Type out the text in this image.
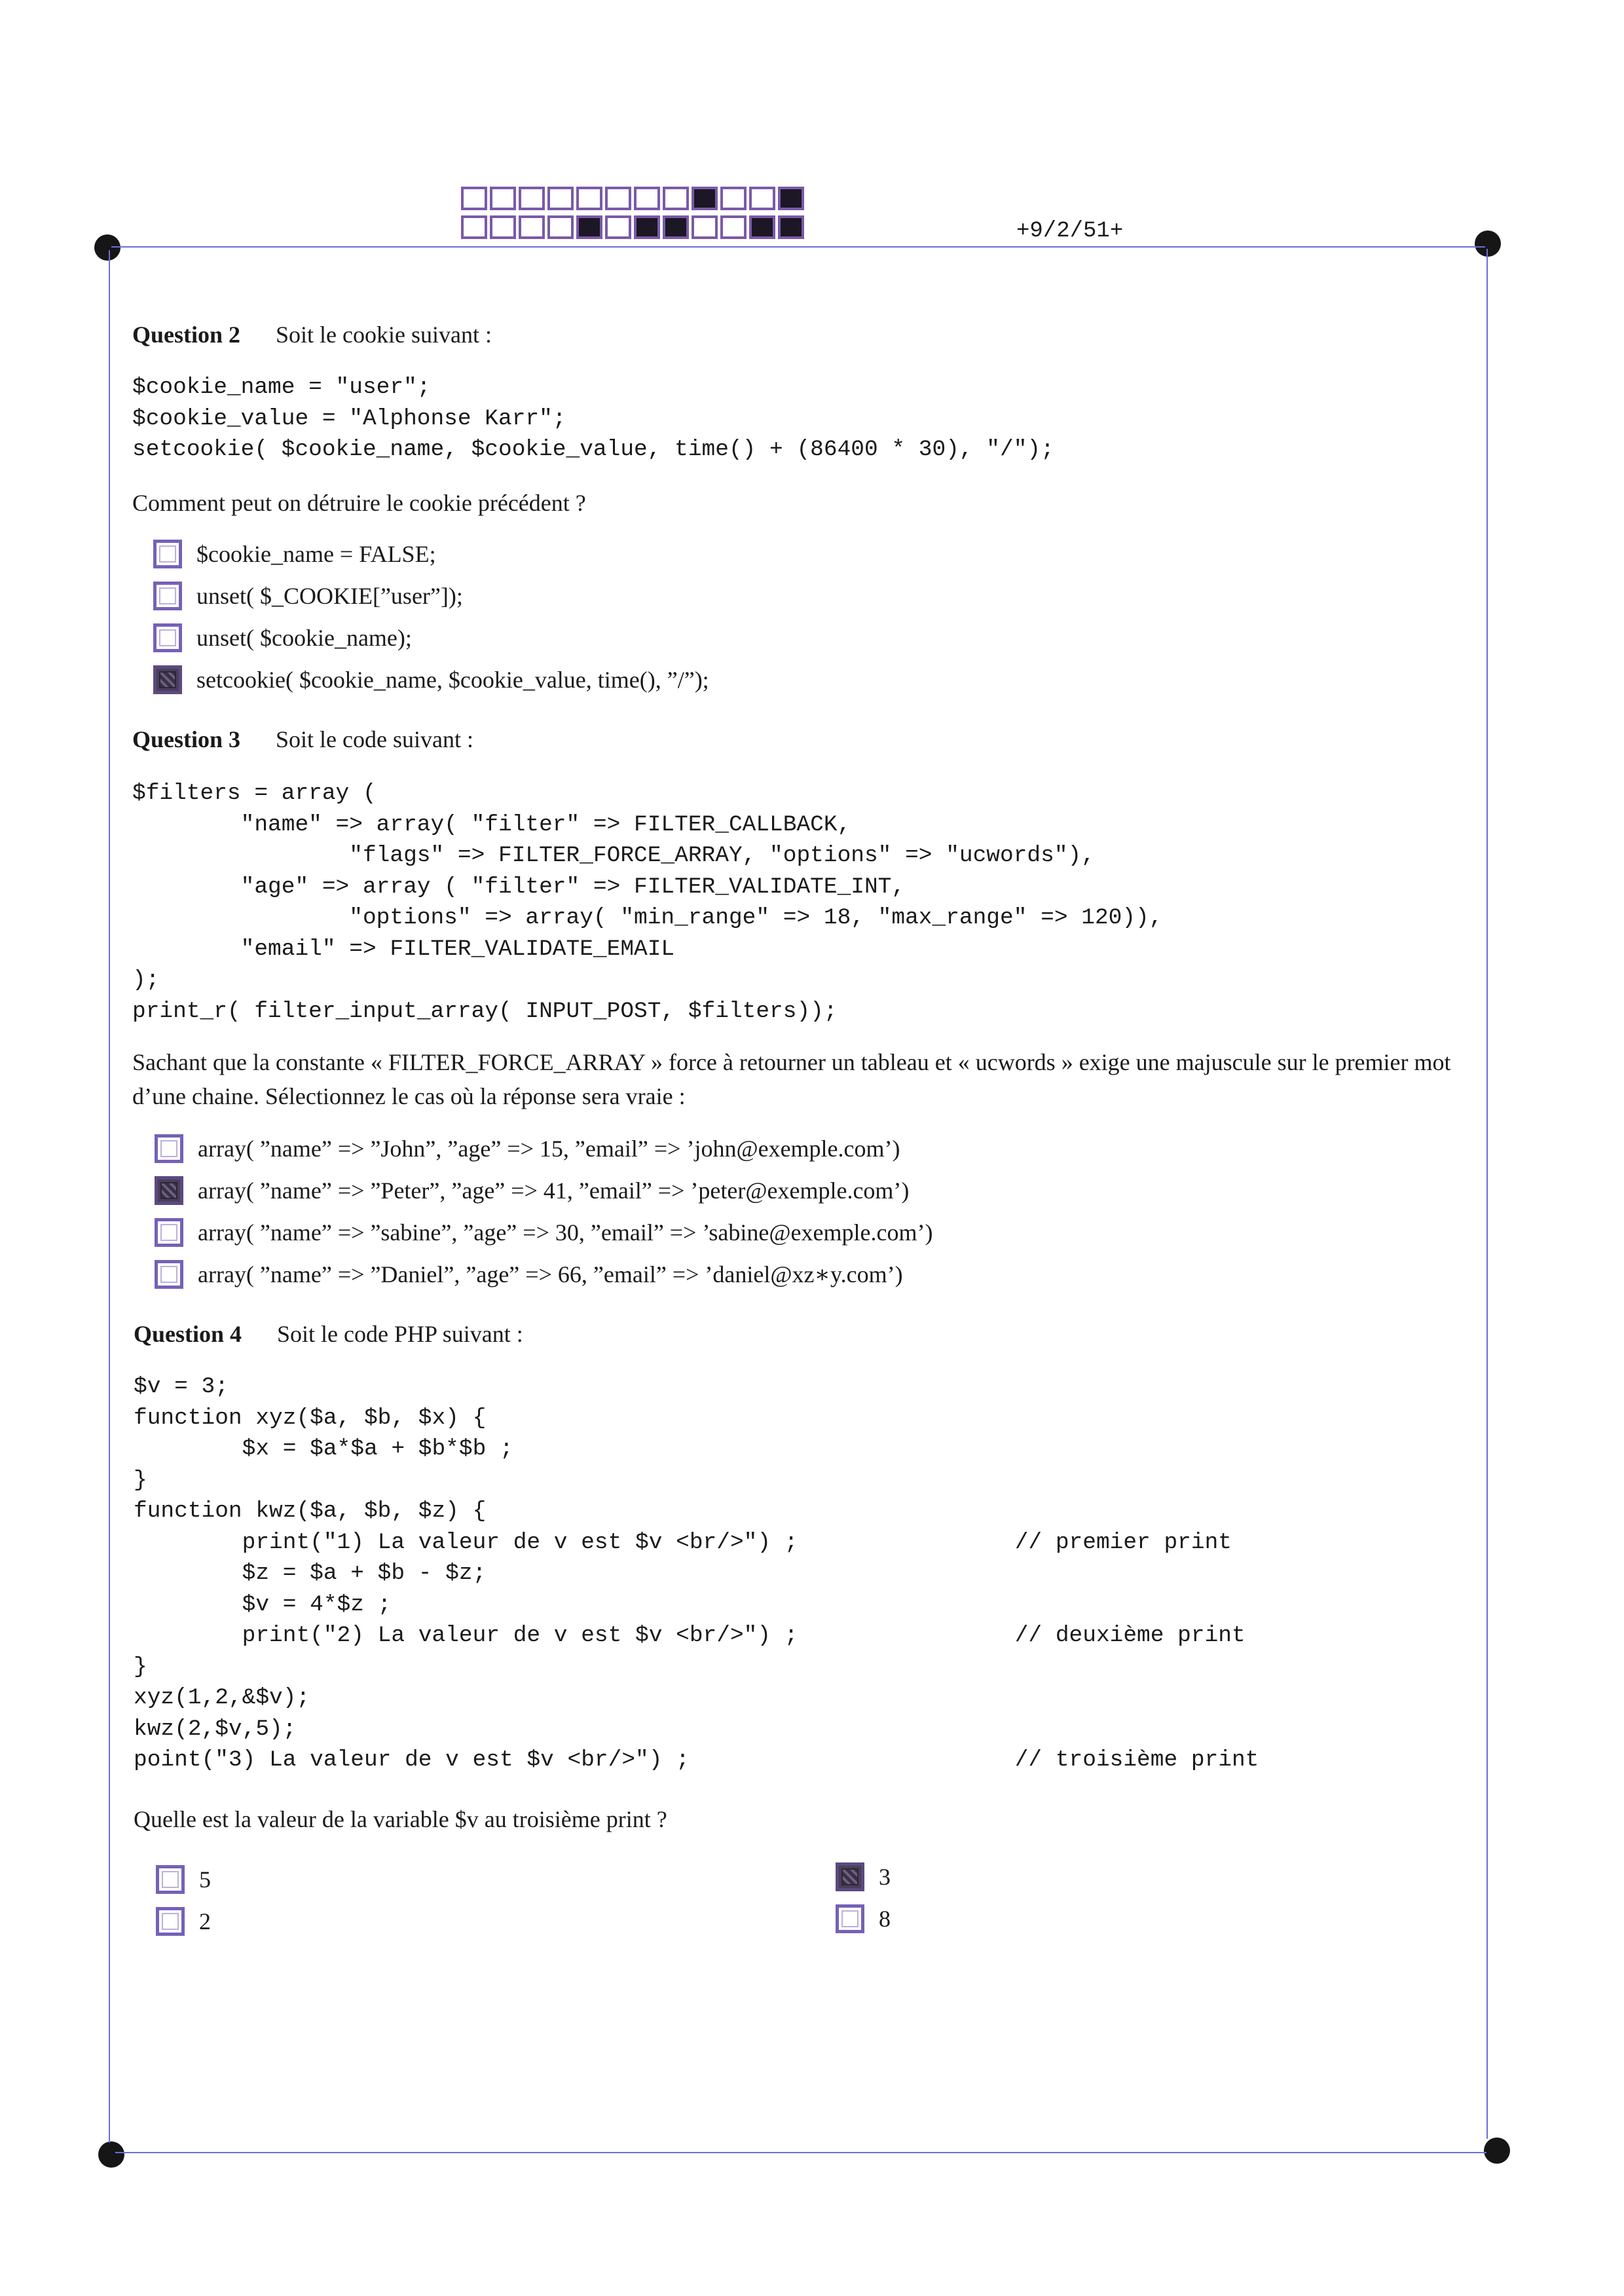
+9/2/51+
Question 2 Soit le cookie suivant :
$cookie_name = "user";
$cookie_value = "Alphonse Karr";
setcookie( $cookie_name, $cookie_value, time() + (86400 * 30), "/");
Comment peut on détruire le cookie précédent ?
$cookie_name = FALSE;
unset( $_COOKIE[”user”]);
unset( $cookie_name);
setcookie( $cookie_name, $cookie_value, time(), ”/”);
Question 3 Soit le code suivant :
$filters = array (
"name" => array( "filter" => FILTER_CALLBACK,
"flags" => FILTER_FORCE_ARRAY, "options" => "ucwords"),
"age" => array ( "filter" => FILTER_VALIDATE_INT,
"options" => array( "min_range" => 18, "max_range" => 120)),
"email" => FILTER_VALIDATE_EMAIL
);
print_r( filter_input_array( INPUT_POST, $filters));
Sachant que la constante « FILTER_FORCE_ARRAY » force à retourner un tableau et « ucwords » exige une majuscule sur le premier mot d’une chaine. Sélectionnez le cas où la réponse sera vraie :
array( ”name” => ”John”, ”age” => 15, ”email” => ’john@exemple.com’)
array( ”name” => ”Peter”, ”age” => 41, ”email” => ’peter@exemple.com’)
array( ”name” => ”sabine”, ”age” => 30, ”email” => ’sabine@exemple.com’)
array( ”name” => ”Daniel”, ”age” => 66, ”email” => ’daniel@xz∗y.com’)
Question 4 Soit le code PHP suivant :
$v = 3;
function xyz($a, $b, $x) {
$x = $a*$a + $b*$b ;
}
function kwz($a, $b, $z) {
print("1) La valeur de v est $v <br/>") ;                // premier print
$z = $a + $b - $z;
$v = 4*$z ;
print("2) La valeur de v est $v <br/>") ;                // deuxième print
}
xyz(1,2,&$v);
kwz(2,$v,5);
point("3) La valeur de v est $v <br/>") ;                        // troisième print
Quelle est la valeur de la variable $v au troisième print ?
5
2
3
8
